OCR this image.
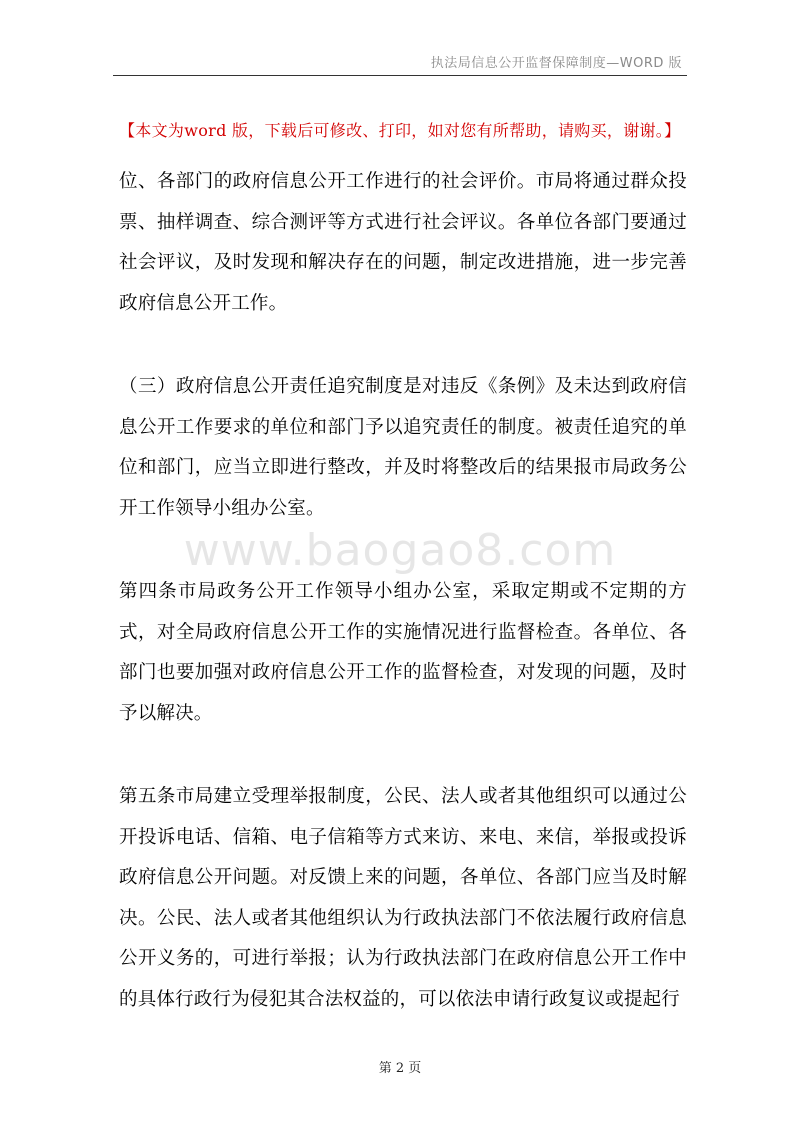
执法局信息公开监督保障制度—WORD 版
【本文为word 版，下载后可修改、打印，如对您有所帮助，请购买，谢谢。】
www.baogao8.com

位、各部门的政府信息公开工作进行的社会评价。市局将通过群众投票、抽样调查、综合测评等方式进行社会评议。各单位各部门要通过社会评议，及时发现和解决存在的问题，制定改进措施，进一步完善政府信息公开工作。

（三）政府信息公开责任追究制度是对违反《条例》及未达到政府信息公开工作要求的单位和部门予以追究责任的制度。被责任追究的单位和部门，应当立即进行整改，并及时将整改后的结果报市局政务公开工作领导小组办公室。

第四条市局政务公开工作领导小组办公室，采取定期或不定期的方式，对全局政府信息公开工作的实施情况进行监督检查。各单位、各部门也要加强对政府信息公开工作的监督检查，对发现的问题，及时予以解决。

第五条市局建立受理举报制度，公民、法人或者其他组织可以通过公开投诉电话、信箱、电子信箱等方式来访、来电、来信，举报或投诉政府信息公开问题。对反馈上来的问题，各单位、各部门应当及时解决。公民、法人或者其他组织认为行政执法部门不依法履行政府信息公开义务的，可进行举报；认为行政执法部门在政府信息公开工作中的具体行政行为侵犯其合法权益的，可以依法申请行政复议或提起行

第 2 页
